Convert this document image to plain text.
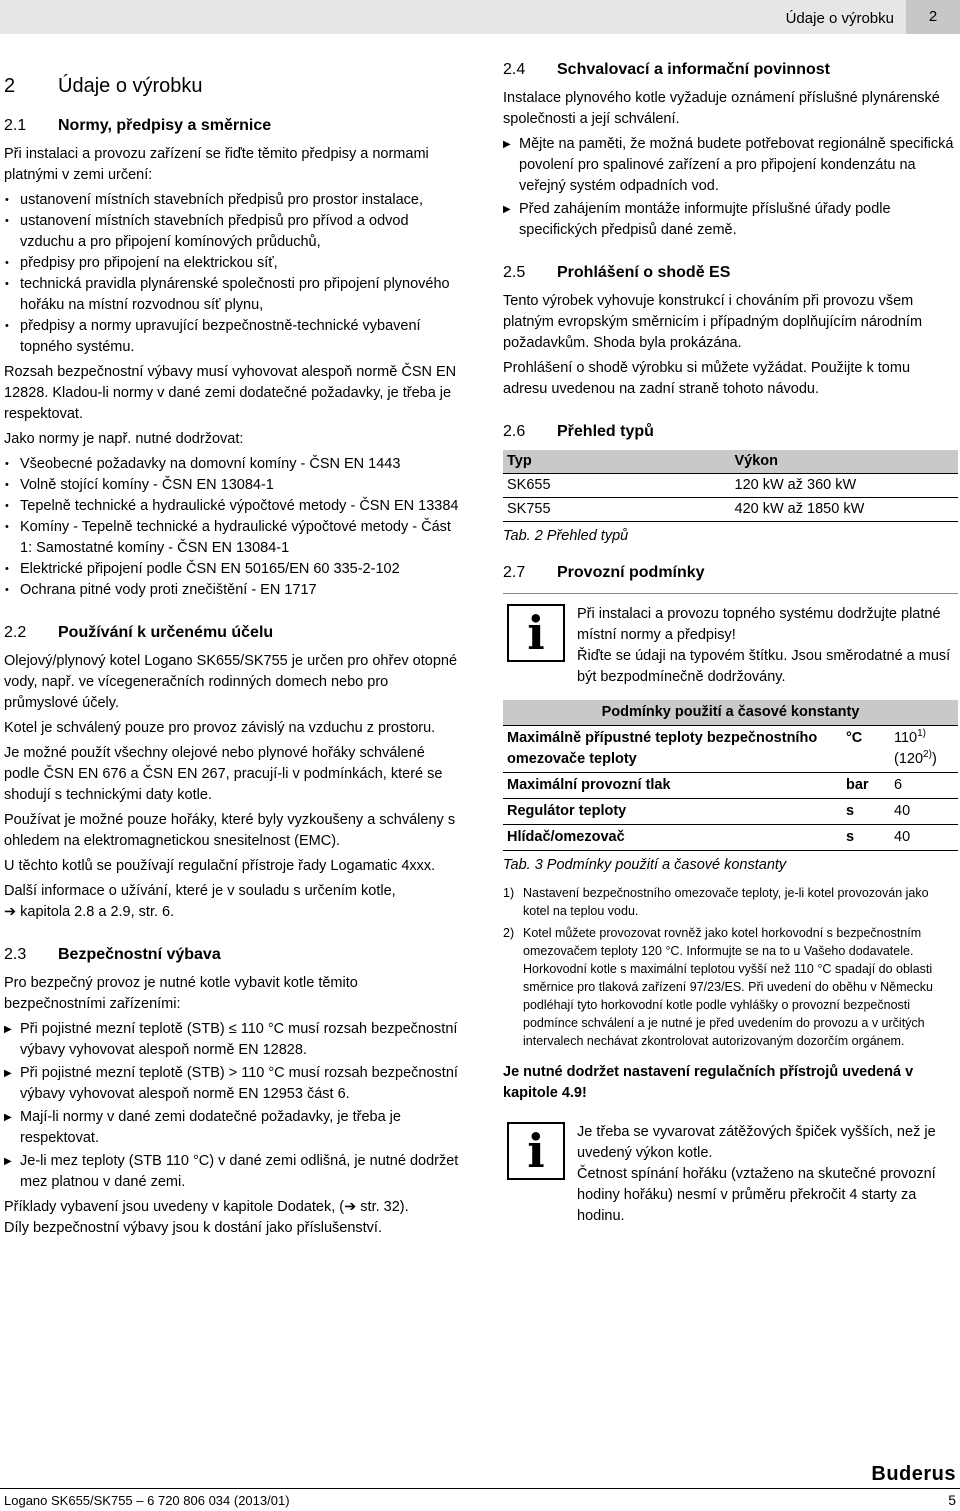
Údaje o výrobku	2
2 Údaje o výrobku
2.1 Normy, předpisy a směrnice

Při instalaci a provozu zařízení se řiďte těmito předpisy a normami platnými v zemi určení:

• ustanovení místních stavebních předpisů pro prostor instalace,
• ustanovení místních stavebních předpisů pro přívod a odvod vzduchu a pro připojení komínových průduchů,
• předpisy pro připojení na elektrickou síť,
• technická pravidla plynárenské společnosti pro připojení plynového hořáku na místní rozvodnou síť plynu,
• předpisy a normy upravující bezpečnostně-technické vybavení topného systému.

Rozsah bezpečnostní výbavy musí vyhovovat alespoň normě ČSN EN 12828. Kladou-li normy v dané zemi dodatečné požadavky, je třeba je respektovat.

Jako normy je např. nutné dodržovat:

• Všeobecné požadavky na domovní komíny - ČSN EN 1443
• Volně stojící komíny - ČSN EN 13084-1
• Tepelně technické a hydraulické výpočtové metody - ČSN EN 13384
• Komíny - Tepelně technické a hydraulické výpočtové metody - Část 1: Samostatné komíny - ČSN EN 13084-1
• Elektrické připojení podle ČSN EN 50165/EN 60 335-2-102
• Ochrana pitné vody proti znečištění - EN 1717
2.2 Používání k určenému účelu

Olejový/plynový kotel Logano SK655/SK755 je určen pro ohřev otopné vody, např. ve vícegeneračních rodinných domech nebo pro průmyslové účely.

Kotel je schválený pouze pro provoz závislý na vzduchu z prostoru.

Je možné použít všechny olejové nebo plynové hořáky schválené podle ČSN EN 676 a ČSN EN 267, pracují-li v podmínkách, které se shodují s technickými daty kotle.

Používat je možné pouze hořáky, které byly vyzkoušeny a schváleny s ohledem na elektromagnetickou snesitelnost (EMC).

U těchto kotlů se používají regulační přístroje řady Logamatic 4xxx.

Další informace o užívání, které je v souladu s určením kotle,

➔ kapitola 2.8 a 2.9, str. 6.

2.3 Bezpečnostní výbava

Pro bezpečný provoz je nutné kotle vybavit kotle těmito bezpečnostními zařízeními:

▶ Při pojistné mezní teplotě (STB) ≤ 110 °C musí rozsah bezpečnostní výbavy vyhovovat alespoň normě EN 12828.
▶ Při pojistné mezní teplotě (STB) > 110 °C musí rozsah bezpečnostní výbavy vyhovovat alespoň normě EN 12953 část 6.
▶ Mají-li normy v dané zemi dodatečné požadavky, je třeba je respektovat.
▶ Je-li mez teploty (STB 110 °C) v dané zemi odlišná, je nutné dodržet mez platnou v dané zemi.

Příklady vybavení jsou uvedeny v kapitole Dodatek, (➔ str. 32).

Díly bezpečnostní výbavy jsou k dostání jako příslušenství.

2.4 Schvalovací a informační povinnost

Instalace plynového kotle vyžaduje oznámení příslušné plynárenské společnosti a její schválení.

▶ Mějte na paměti, že možná budete potřebovat regionálně specifická povolení pro spalinové zařízení a pro připojení kondenzátu na veřejný systém odpadních vod.
▶ Před zahájením montáže informujte příslušné úřady podle specifických předpisů dané země.
2.5 Prohlášení o shodě ES

Tento výrobek vyhovuje konstrukcí i chováním při provozu všem platným evropským směrnicím i případným doplňujícím národním požadavkům. Shoda byla prokázána.

Prohlášení o shodě výrobku si můžete vyžádat. Použijte k tomu adresu uvedenou na zadní straně tohoto návodu.

2.6 Přehled typů
Typ	Výkon
SK655	120 kW až 360 kW
SK755	420 kW až 1850 kW

Tab. 2 Přehled typů

2.7 Provozní podmínky
i Při instalaci a provozu topného systému dodržujte platné místní normy a předpisy!

Řiďte se údaji na typovém štítku. Jsou směrodatné a musí být bezpodmínečně dodržovány.

Podmínky použití a časové konstanty		
Maximálně přípustné teploty bezpečnostního omezovače teploty	°C	110$^{1)}$
(120$^{2)}$)
Maximální provozní tlak	bar	6
Regulátor teploty	s	40
Hlídač/omezovač	s	40

Tab. 3 Podmínky použití a časové konstanty

1) Nastavení bezpečnostního omezovače teploty, je-li kotel provozován jako kotel na teplou vodu.
2) Kotel můžete provozovat rovněž jako kotel horkovodní s bezpečnostním omezovačem teploty 120 °C. Informujte se na to u Vašeho dodavatele. Horkovodní kotle s maximální teplotou vyšší než 110 °C spadají do oblasti směrnice pro tlaková zařízení 97/23/ES. Při uvedení do oběhu v Německu podléhají tyto horkovodní kotle podle vyhlášky o provozní bezpečnosti podmínce schválení a je nutné je před uvedením do provozu a v určitých intervalech nechávat zkontrolovat autorizovaným dozorčím orgánem.

Je nutné dodržet nastavení regulačních přístrojů uvedená v kapitole 4.9!

i Je třeba se vyvarovat zátěžových špiček vyšších, než je uvedený výkon kotle.

Četnost spínání hořáku (vztaženo na skutečné provozní hodiny hořáku) nesmí v průměru překročit 4 starty za hodinu.

Buderus
Logano SK655/SK755 – 6 720 806 034 (2013/01)	5
